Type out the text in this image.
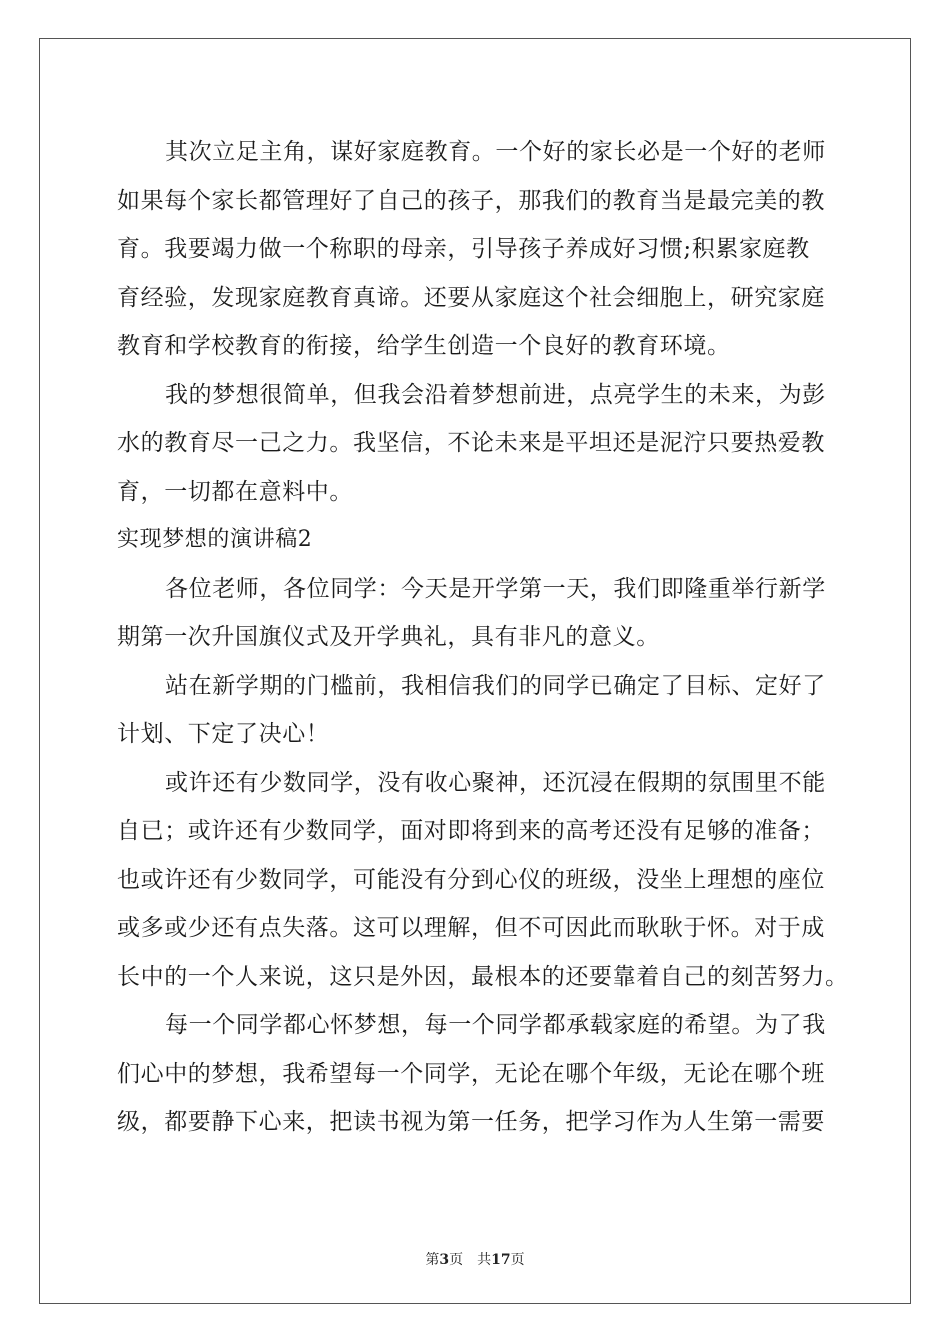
其次立足主角，谋好家庭教育。一个好的家长必是一个好的老师
如果每个家长都管理好了自己的孩子，那我们的教育当是最完美的教
育。我要竭力做一个称职的母亲，引导孩子养成好习惯;积累家庭教
育经验，发现家庭教育真谛。还要从家庭这个社会细胞上，研究家庭
教育和学校教育的衔接，给学生创造一个良好的教育环境。
我的梦想很简单，但我会沿着梦想前进，点亮学生的未来，为彭
水的教育尽一己之力。我坚信，不论未来是平坦还是泥泞只要热爱教
育，一切都在意料中。
实现梦想的演讲稿2
各位老师，各位同学：今天是开学第一天，我们即隆重举行新学
期第一次升国旗仪式及开学典礼，具有非凡的意义。
站在新学期的门槛前，我相信我们的同学已确定了目标、定好了
计划、下定了决心！
或许还有少数同学，没有收心聚神，还沉浸在假期的氛围里不能
自已；或许还有少数同学，面对即将到来的高考还没有足够的准备；
也或许还有少数同学，可能没有分到心仪的班级，没坐上理想的座位
或多或少还有点失落。这可以理解，但不可因此而耿耿于怀。对于成
长中的一个人来说，这只是外因，最根本的还要靠着自己的刻苦努力。
每一个同学都心怀梦想，每一个同学都承载家庭的希望。为了我
们心中的梦想，我希望每一个同学，无论在哪个年级，无论在哪个班
级，都要静下心来，把读书视为第一任务，把学习作为人生第一需要
第3页 共17页
